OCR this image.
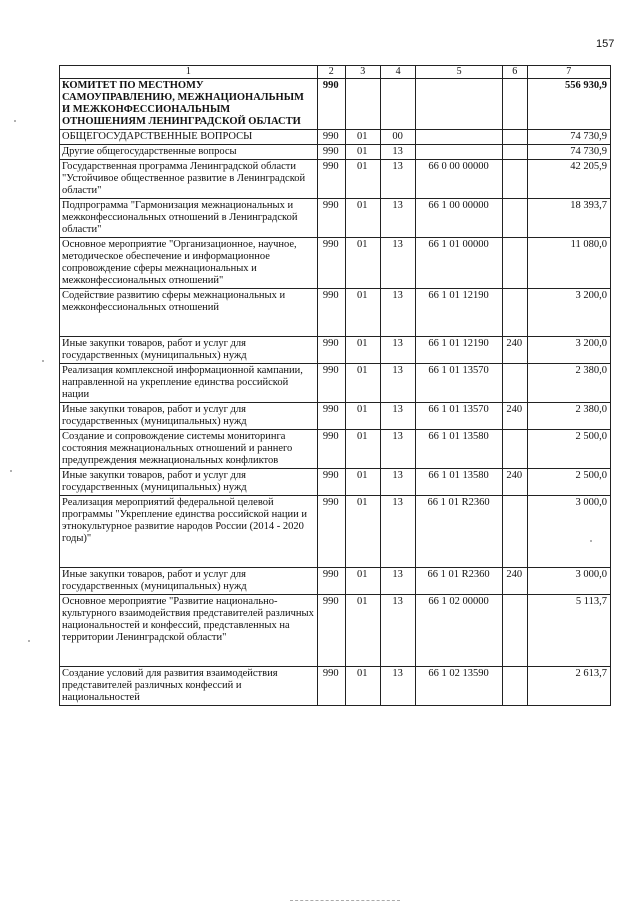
157
1	2	3	4	5	6	7
КОМИТЕТ ПО МЕСТНОМУ САМОУПРАВЛЕНИЮ, МЕЖНАЦИОНАЛЬНЫМ И МЕЖКОНФЕССИОНАЛЬНЫМ ОТНОШЕНИЯМ ЛЕНИНГРАДСКОЙ ОБЛАСТИ	990					556 930,9
ОБЩЕГОСУДАРСТВЕННЫЕ ВОПРОСЫ	990	01	00			74 730,9
Другие общегосударственные вопросы	990	01	13			74 730,9
Государственная программа Ленинградской области "Устойчивое общественное развитие в Ленинградской области"	990	01	13	66 0 00 00000		42 205,9
Подпрограмма "Гармонизация межнациональных и межконфессиональных отношений в Ленинградской области"	990	01	13	66 1 00 00000		18 393,7
Основное мероприятие "Организационное, научное, методическое обеспечение и информационное сопровождение сферы межнациональных и межконфессиональных отношений"	990	01	13	66 1 01 00000		11 080,0
Содействие развитию сферы межнациональных и межконфессиональных отношений	990	01	13	66 1 01 12190		3 200,0
Иные закупки товаров, работ и услуг для государственных (муниципальных) нужд	990	01	13	66 1 01 12190	240	3 200,0
Реализация комплексной информационной кампании, направленной на укрепление единства российской нации	990	01	13	66 1 01 13570		2 380,0
Иные закупки товаров, работ и услуг для государственных (муниципальных) нужд	990	01	13	66 1 01 13570	240	2 380,0
Создание и сопровождение системы мониторинга состояния межнациональных отношений и раннего предупреждения межнациональных конфликтов	990	01	13	66 1 01 13580		2 500,0
Иные закупки товаров, работ и услуг для государственных (муниципальных) нужд	990	01	13	66 1 01 13580	240	2 500,0
Реализация мероприятий федеральной целевой программы "Укрепление единства российской нации и этнокультурное развитие народов России (2014 - 2020 годы)"	990	01	13	66 1 01 R2360		3 000,0
Иные закупки товаров, работ и услуг для государственных (муниципальных) нужд	990	01	13	66 1 01 R2360	240	3 000,0
Основное мероприятие "Развитие национально-культурного взаимодействия представителей различных национальностей и конфессий, представленных на территории Ленинградской области"	990	01	13	66 1 02 00000		5 113,7
Создание условий для развития взаимодействия представителей различных конфессий и национальностей	990	01	13	66 1 02 13590		2 613,7
